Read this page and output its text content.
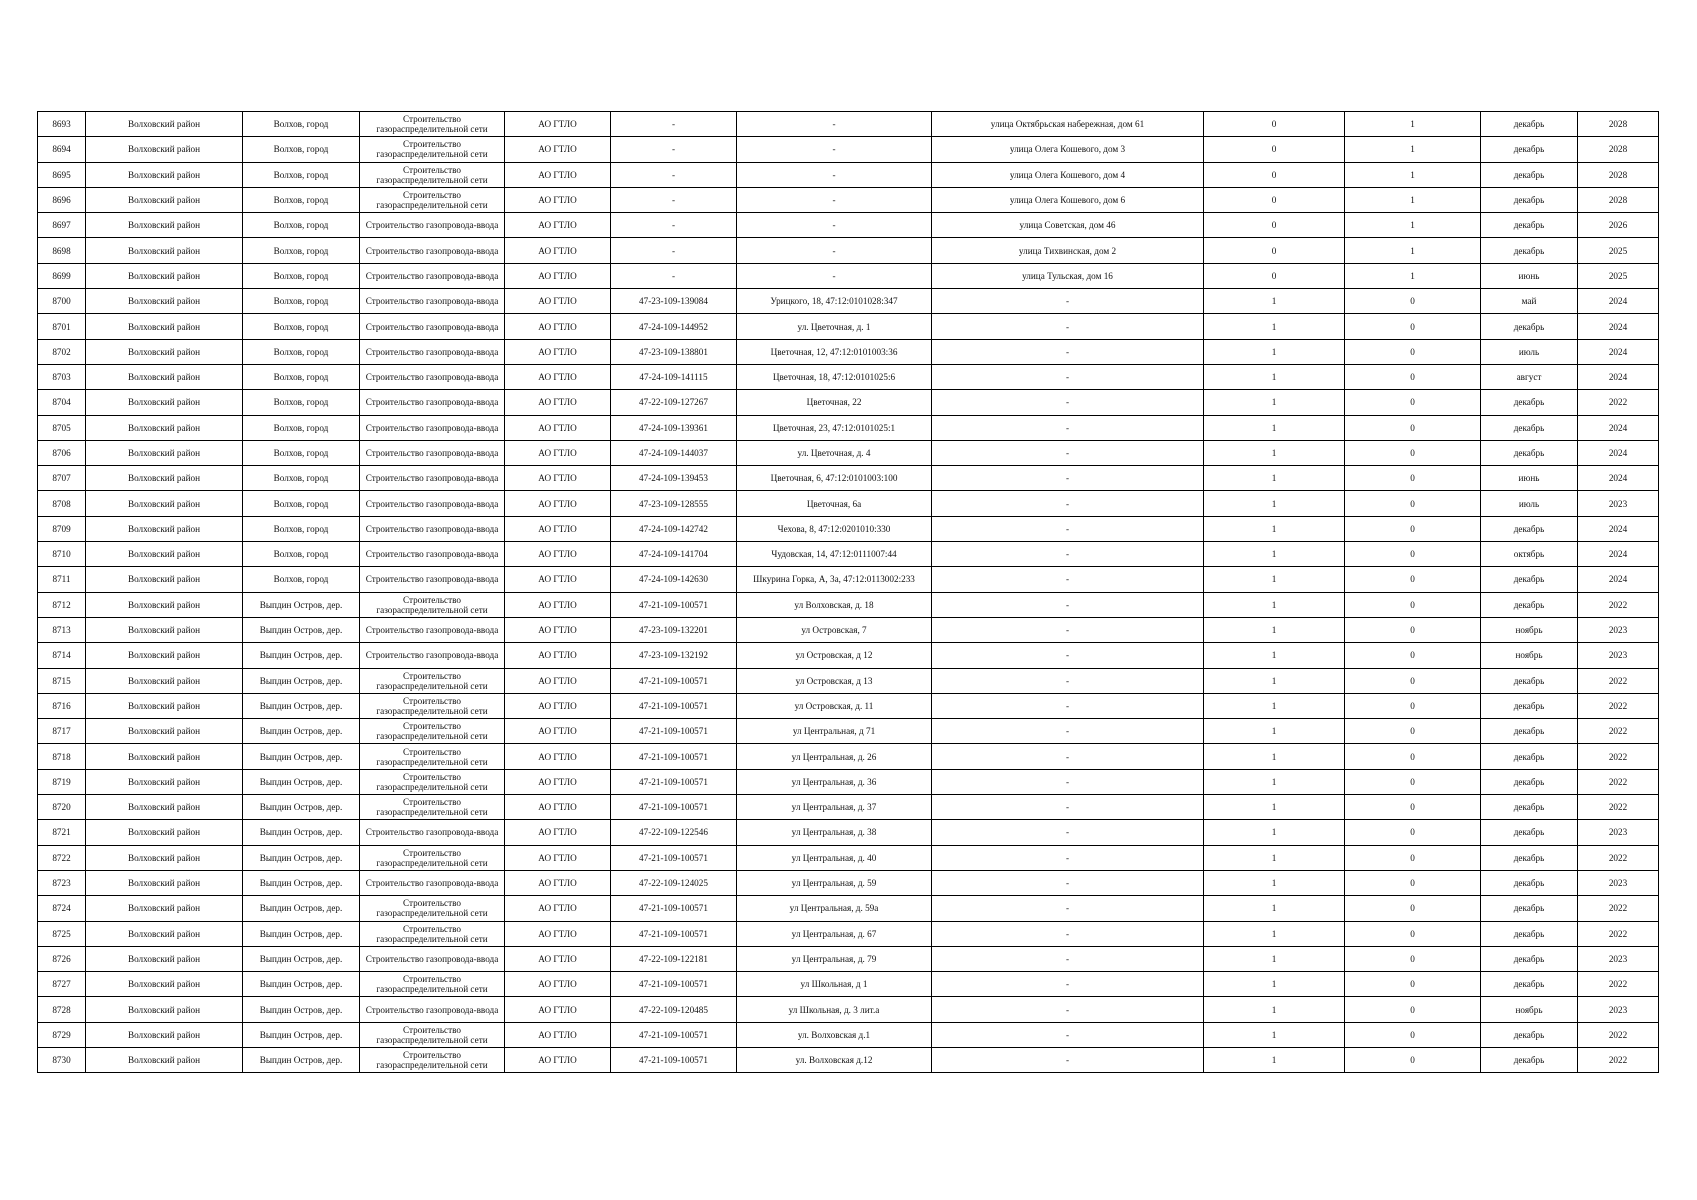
8693	Волховский район	Волхов, город	Строительство газораспределительной сети	АО ГТЛО	-	-	улица Октябрьская набережная, дом 61	0	1	декабрь	2028
8694	Волховский район	Волхов, город	Строительство газораспределительной сети	АО ГТЛО	-	-	улица Олега Кошевого, дом 3	0	1	декабрь	2028
8695	Волховский район	Волхов, город	Строительство газораспределительной сети	АО ГТЛО	-	-	улица Олега Кошевого, дом 4	0	1	декабрь	2028
8696	Волховский район	Волхов, город	Строительство газораспределительной сети	АО ГТЛО	-	-	улица Олега Кошевого, дом 6	0	1	декабрь	2028
8697	Волховский район	Волхов, город	Строительство газопровода-ввода	АО ГТЛО	-	-	улица Советская, дом 46	0	1	декабрь	2026
8698	Волховский район	Волхов, город	Строительство газопровода-ввода	АО ГТЛО	-	-	улица Тихвинская, дом 2	0	1	декабрь	2025
8699	Волховский район	Волхов, город	Строительство газопровода-ввода	АО ГТЛО	-	-	улица Тульская, дом 16	0	1	июнь	2025
8700	Волховский район	Волхов, город	Строительство газопровода-ввода	АО ГТЛО	47-23-109-139084	Урицкого, 18, 47:12:0101028:347	-	1	0	май	2024
8701	Волховский район	Волхов, город	Строительство газопровода-ввода	АО ГТЛО	47-24-109-144952	ул. Цветочная, д. 1	-	1	0	декабрь	2024
8702	Волховский район	Волхов, город	Строительство газопровода-ввода	АО ГТЛО	47-23-109-138801	Цветочная, 12, 47:12:0101003:36	-	1	0	июль	2024
8703	Волховский район	Волхов, город	Строительство газопровода-ввода	АО ГТЛО	47-24-109-141115	Цветочная, 18, 47:12:0101025:6	-	1	0	август	2024
8704	Волховский район	Волхов, город	Строительство газопровода-ввода	АО ГТЛО	47-22-109-127267	Цветочная, 22	-	1	0	декабрь	2022
8705	Волховский район	Волхов, город	Строительство газопровода-ввода	АО ГТЛО	47-24-109-139361	Цветочная, 23, 47:12:0101025:1	-	1	0	декабрь	2024
8706	Волховский район	Волхов, город	Строительство газопровода-ввода	АО ГТЛО	47-24-109-144037	ул. Цветочная, д. 4	-	1	0	декабрь	2024
8707	Волховский район	Волхов, город	Строительство газопровода-ввода	АО ГТЛО	47-24-109-139453	Цветочная, 6, 47:12:0101003:100	-	1	0	июнь	2024
8708	Волховский район	Волхов, город	Строительство газопровода-ввода	АО ГТЛО	47-23-109-128555	Цветочная, 6а	-	1	0	июль	2023
8709	Волховский район	Волхов, город	Строительство газопровода-ввода	АО ГТЛО	47-24-109-142742	Чехова, 8, 47:12:0201010:330	-	1	0	декабрь	2024
8710	Волховский район	Волхов, город	Строительство газопровода-ввода	АО ГТЛО	47-24-109-141704	Чудовская, 14, 47:12:0111007:44	-	1	0	октябрь	2024
8711	Волховский район	Волхов, город	Строительство газопровода-ввода	АО ГТЛО	47-24-109-142630	Шкурина Горка, А, 3а, 47:12:0113002:233	-	1	0	декабрь	2024
8712	Волховский район	Выпдин Остров, дер.	Строительство газораспределительной сети	АО ГТЛО	47-21-109-100571	ул Волховская, д. 18	-	1	0	декабрь	2022
8713	Волховский район	Выпдин Остров, дер.	Строительство газопровода-ввода	АО ГТЛО	47-23-109-132201	ул Островская, 7	-	1	0	ноябрь	2023
8714	Волховский район	Выпдин Остров, дер.	Строительство газопровода-ввода	АО ГТЛО	47-23-109-132192	ул Островская, д 12	-	1	0	ноябрь	2023
8715	Волховский район	Выпдин Остров, дер.	Строительство газораспределительной сети	АО ГТЛО	47-21-109-100571	ул Островская, д 13	-	1	0	декабрь	2022
8716	Волховский район	Выпдин Остров, дер.	Строительство газораспределительной сети	АО ГТЛО	47-21-109-100571	ул Островская, д. 11	-	1	0	декабрь	2022
8717	Волховский район	Выпдин Остров, дер.	Строительство газораспределительной сети	АО ГТЛО	47-21-109-100571	ул Центральная, д 71	-	1	0	декабрь	2022
8718	Волховский район	Выпдин Остров, дер.	Строительство газораспределительной сети	АО ГТЛО	47-21-109-100571	ул Центральная, д. 26	-	1	0	декабрь	2022
8719	Волховский район	Выпдин Остров, дер.	Строительство газораспределительной сети	АО ГТЛО	47-21-109-100571	ул Центральная, д. 36	-	1	0	декабрь	2022
8720	Волховский район	Выпдин Остров, дер.	Строительство газораспределительной сети	АО ГТЛО	47-21-109-100571	ул Центральная, д. 37	-	1	0	декабрь	2022
8721	Волховский район	Выпдин Остров, дер.	Строительство газопровода-ввода	АО ГТЛО	47-22-109-122546	ул Центральная, д. 38	-	1	0	декабрь	2023
8722	Волховский район	Выпдин Остров, дер.	Строительство газораспределительной сети	АО ГТЛО	47-21-109-100571	ул Центральная, д. 40	-	1	0	декабрь	2022
8723	Волховский район	Выпдин Остров, дер.	Строительство газопровода-ввода	АО ГТЛО	47-22-109-124025	ул Центральная, д. 59	-	1	0	декабрь	2023
8724	Волховский район	Выпдин Остров, дер.	Строительство газораспределительной сети	АО ГТЛО	47-21-109-100571	ул Центральная, д. 59а	-	1	0	декабрь	2022
8725	Волховский район	Выпдин Остров, дер.	Строительство газораспределительной сети	АО ГТЛО	47-21-109-100571	ул Центральная, д. 67	-	1	0	декабрь	2022
8726	Волховский район	Выпдин Остров, дер.	Строительство газопровода-ввода	АО ГТЛО	47-22-109-122181	ул Центральная, д. 79	-	1	0	декабрь	2023
8727	Волховский район	Выпдин Остров, дер.	Строительство газораспределительной сети	АО ГТЛО	47-21-109-100571	ул Школьная, д 1	-	1	0	декабрь	2022
8728	Волховский район	Выпдин Остров, дер.	Строительство газопровода-ввода	АО ГТЛО	47-22-109-120485	ул Школьная, д. 3 лит.а	-	1	0	ноябрь	2023
8729	Волховский район	Выпдин Остров, дер.	Строительство газораспределительной сети	АО ГТЛО	47-21-109-100571	ул. Волховская д.1	-	1	0	декабрь	2022
8730	Волховский район	Выпдин Остров, дер.	Строительство газораспределительной сети	АО ГТЛО	47-21-109-100571	ул. Волховская д.12	-	1	0	декабрь	2022
